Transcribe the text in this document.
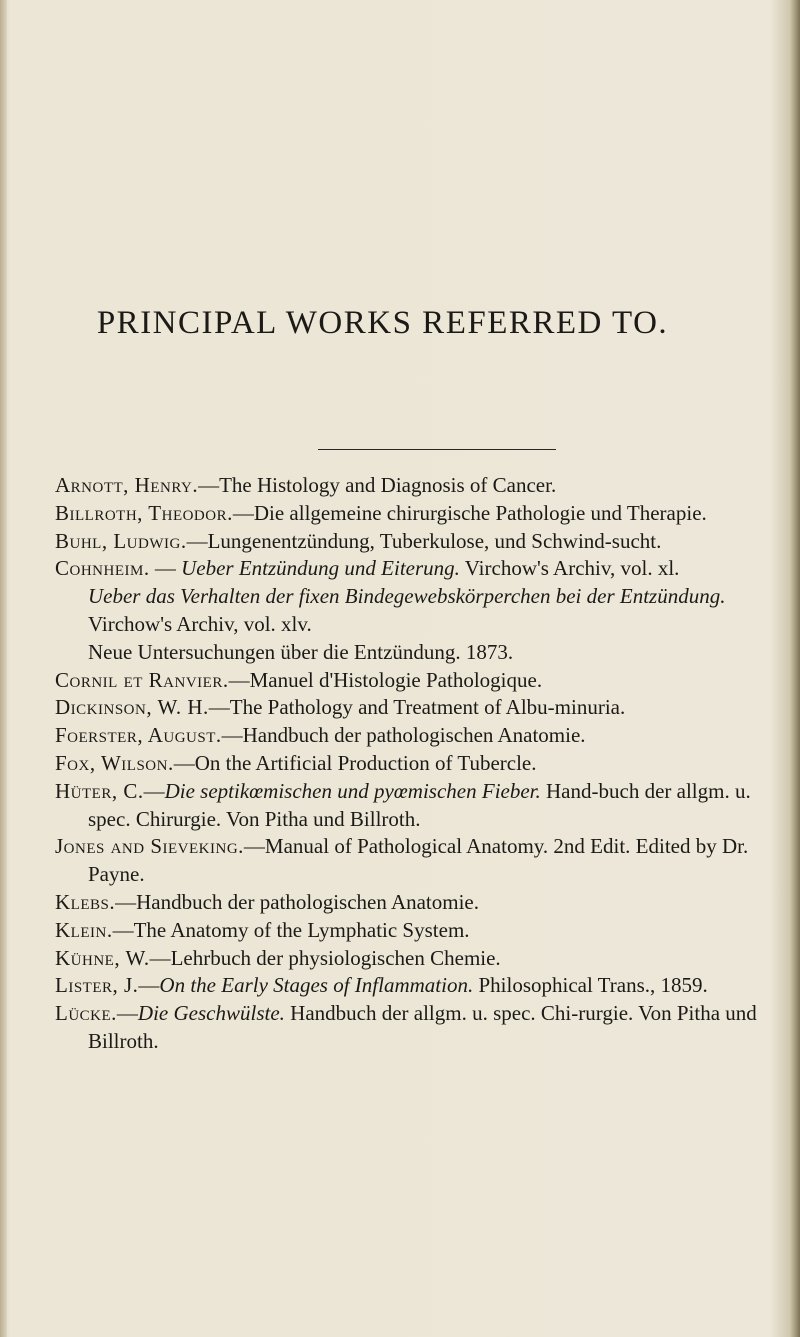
PRINCIPAL WORKS REFERRED TO.
Arnott, Henry.—The Histology and Diagnosis of Cancer.
Billroth, Theodor.—Die allgemeine chirurgische Pathologie und Therapie.
Buhl, Ludwig.—Lungenentzündung, Tuberkulose, und Schwind-sucht.
Cohnheim. — Ueber Entzündung und Eiterung. Virchow's Archiv, vol. xl.
Ueber das Verhalten der fixen Bindegewebskörperchen bei der Entzündung. Virchow's Archiv, vol. xlv.
Neue Untersuchungen über die Entzündung. 1873.
Cornil et Ranvier.—Manuel d'Histologie Pathologique.
Dickinson, W. H.—The Pathology and Treatment of Albu-minuria.
Foerster, August.—Handbuch der pathologischen Anatomie.
Fox, Wilson.—On the Artificial Production of Tubercle.
Hüter, C.—Die septikœmischen und pyœmischen Fieber. Hand-buch der allgm. u. spec. Chirurgie. Von Pitha und Billroth.
Jones and Sieveking.—Manual of Pathological Anatomy. 2nd Edit. Edited by Dr. Payne.
Klebs.—Handbuch der pathologischen Anatomie.
Klein.—The Anatomy of the Lymphatic System.
Kühne, W.—Lehrbuch der physiologischen Chemie.
Lister, J.—On the Early Stages of Inflammation. Philosophical Trans., 1859.
Lücke.—Die Geschwülste. Handbuch der allgm. u. spec. Chi-rurgie. Von Pitha und Billroth.
